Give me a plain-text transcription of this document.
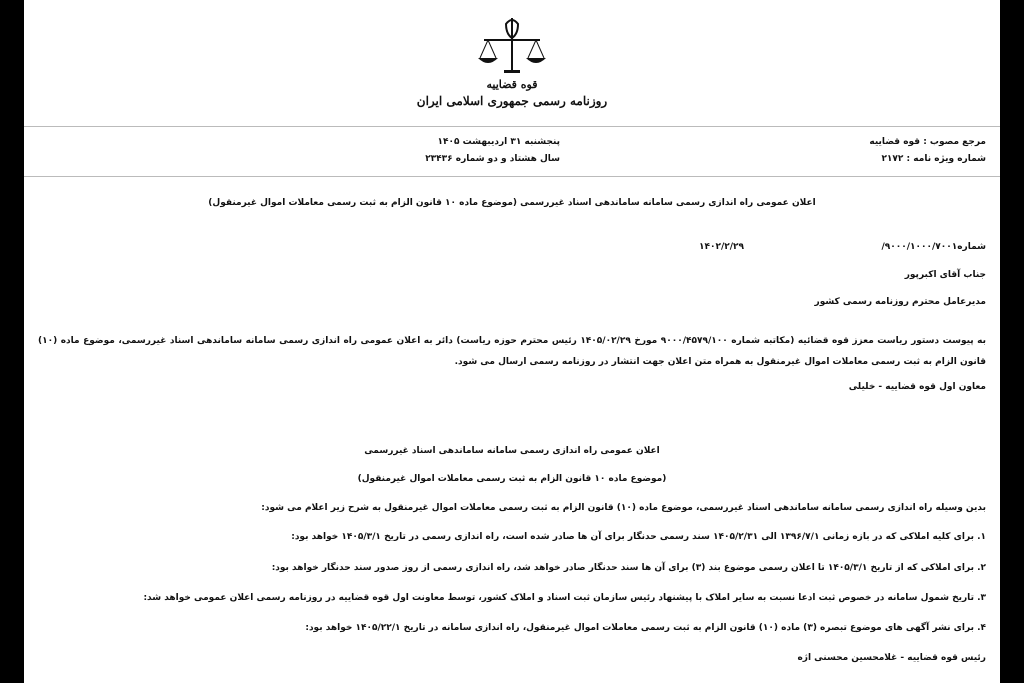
قوه قضاییه
روزنامه رسمی جمهوری اسلامی ایران
مرجع مصوب : قوه قضاییه
شماره ویژه نامه : ۲۱۷۲
پنجشنبه ۳۱ اردیبهشت ۱۴۰۵
سال هشتاد و دو شماره ۲۳۴۳۶
اعلان عمومی راه اندازی رسمی سامانه ساماندهی اسناد غیررسمی (موضوع ماده ۱۰ قانون الزام به ثبت رسمی معاملات اموال غیرمنقول)
شماره۹۰۰۰/۱۰۰۰/۷۰۰۱/
۱۴۰۲/۲/۲۹
جناب آقای اکبرپور
مدیرعامل محترم روزنامه رسمی کشور
به پیوست دستور ریاست معزز قوه قضائیه (مکاتبه شماره ۹۰۰۰/۴۵۷۹/۱۰۰ مورخ ۱۴۰۵/۰۲/۲۹ رئیس محترم حوزه ریاست) دائر به اعلان عمومی راه اندازی رسمی سامانه ساماندهی اسناد غیررسمی، موضوع ماده (۱۰) قانون الزام به ثبت رسمی معاملات اموال غیرمنقول به همراه متن اعلان جهت انتشار در روزنامه رسمی ارسال می شود.
معاون اول قوه قضاییه - خلیلی
اعلان عمومی راه اندازی رسمی سامانه ساماندهی اسناد غیررسمی
(موضوع ماده ۱۰ قانون الزام به ثبت رسمی معاملات اموال غیرمنقول)
بدین وسیله راه اندازی رسمی سامانه ساماندهی اسناد غیررسمی، موضوع ماده (۱۰) قانون الزام به ثبت رسمی معاملات اموال غیرمنقول به شرح زیر اعلام می شود:
۱. برای کلیه املاکی که در بازه زمانی ۱۳۹۶/۷/۱ الی ۱۴۰۵/۲/۳۱ سند رسمی حدنگار برای آن ها صادر شده است، راه اندازی رسمی در تاریخ ۱۴۰۵/۳/۱ خواهد بود:
۲. برای املاکی که از تاریخ ۱۴۰۵/۳/۱ تا اعلان رسمی موضوع بند (۳) برای آن ها سند حدنگار صادر خواهد شد، راه اندازی رسمی از روز صدور سند حدنگار خواهد بود:
۳. تاریخ شمول سامانه در خصوص ثبت ادعا نسبت به سایر املاک با پیشنهاد رئیس سازمان ثبت اسناد و املاک کشور، توسط معاونت اول قوه قضاییه در روزنامه رسمی اعلان عمومی خواهد شد:
۴. برای نشر آگهی های موضوع تبصره (۳) ماده (۱۰) قانون الزام به ثبت رسمی معاملات اموال غیرمنقول، راه اندازی سامانه در تاریخ ۱۴۰۵/۲۲/۱ خواهد بود:
رئیس قوه قضاییه - غلامحسین محسنی اژه
